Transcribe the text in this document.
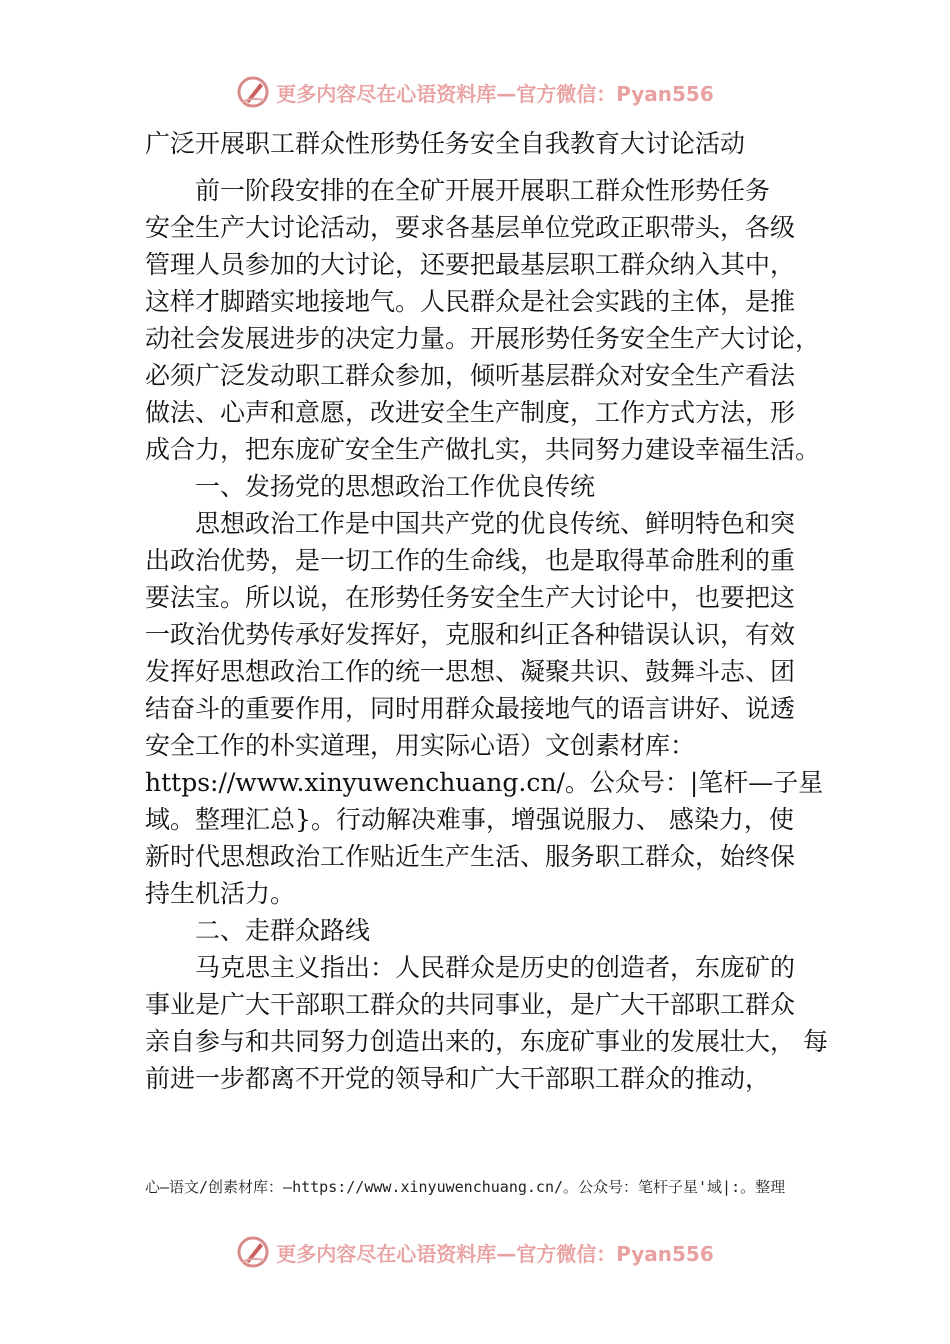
更多内容尽在心语资料库—官方微信：Pyan556
广泛开展职工群众性形势任务安全自我教育大讨论活动

　　前一阶段安排的在全矿开展开展职工群众性形势任务

安全生产大讨论活动，要求各基层单位党政正职带头，各级

管理人员参加的大讨论，还要把最基层职工群众纳入其中，

这样才脚踏实地接地气。人民群众是社会实践的主体，是推

动社会发展进步的决定力量。开展形势任务安全生产大讨论，

必须广泛发动职工群众参加，倾听基层群众对安全生产看法

做法、心声和意愿，改进安全生产制度，工作方式方法，形

成合力，把东庞矿安全生产做扎实，共同努力建设幸福生活。

　　一、发扬党的思想政治工作优良传统

　　思想政治工作是中国共产党的优良传统、鲜明特色和突

出政治优势，是一切工作的生命线，也是取得革命胜利的重

要法宝。所以说，在形势任务安全生产大讨论中，也要把这

一政治优势传承好发挥好，克服和纠正各种错误认识，有效

发挥好思想政治工作的统一思想、凝聚共识、鼓舞斗志、团

结奋斗的重要作用，同时用群众最接地气的语言讲好、说透

安全工作的朴实道理，用实际心语）文创素材库：

https://www.xinyuwenchuang.cn/。公众号：|笔杆—子星

域。整理汇总}。行动解决难事，增强说服力、 感染力，使

新时代思想政治工作贴近生产生活、服务职工群众，始终保

持生机活力。

　　二、走群众路线

　　马克思主义指出：人民群众是历史的创造者，东庞矿的

事业是广大干部职工群众的共同事业，是广大干部职工群众

亲自参与和共同努力创造出来的，东庞矿事业的发展壮大， 每

前进一步都离不开党的领导和广大干部职工群众的推动，

心—语文/创素材库：—https://www.xinyuwenchuang.cn/。公众号：笔杆子星'域|:。整理
更多内容尽在心语资料库—官方微信：Pyan556
